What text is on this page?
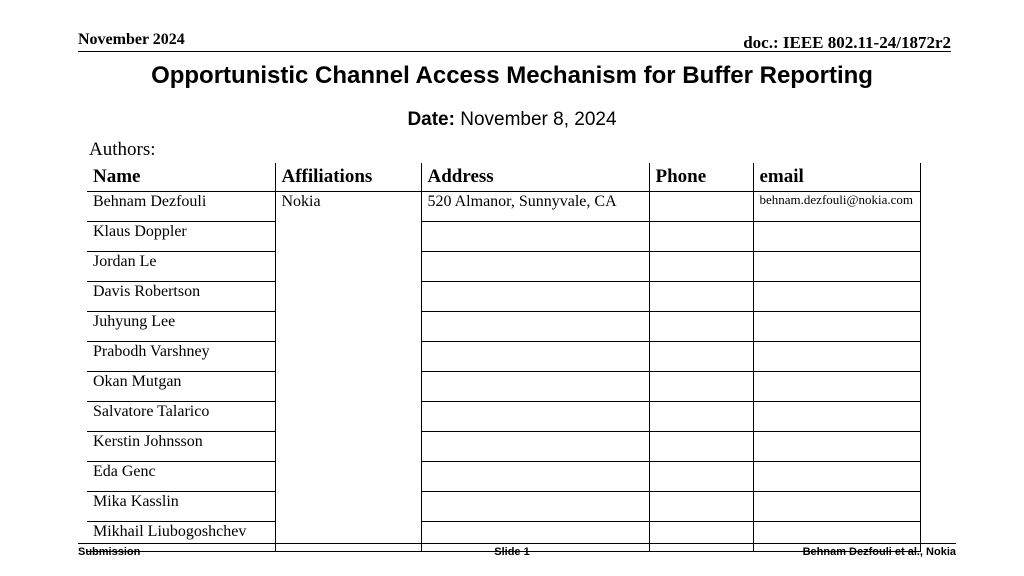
November 2024	doc.: IEEE 802.11-24/1872r2
Opportunistic Channel Access Mechanism for Buffer Reporting
Date: November 8, 2024
Authors:
Name	Affiliations	Address	Phone	email
Behnam Dezfouli	Nokia	520 Almanor, Sunnyvale, CA		behnam.dezfouli@nokia.com
Klaus Doppler				
Jordan Le				
Davis Robertson				
Juhyung Lee				
Prabodh Varshney				
Okan Mutgan				
Salvatore Talarico				
Kerstin Johnsson				
Eda Genc				
Mika Kasslin				
Mikhail Liubogoshchev				
Submission	Slide 1	Behnam Dezfouli et al., Nokia
